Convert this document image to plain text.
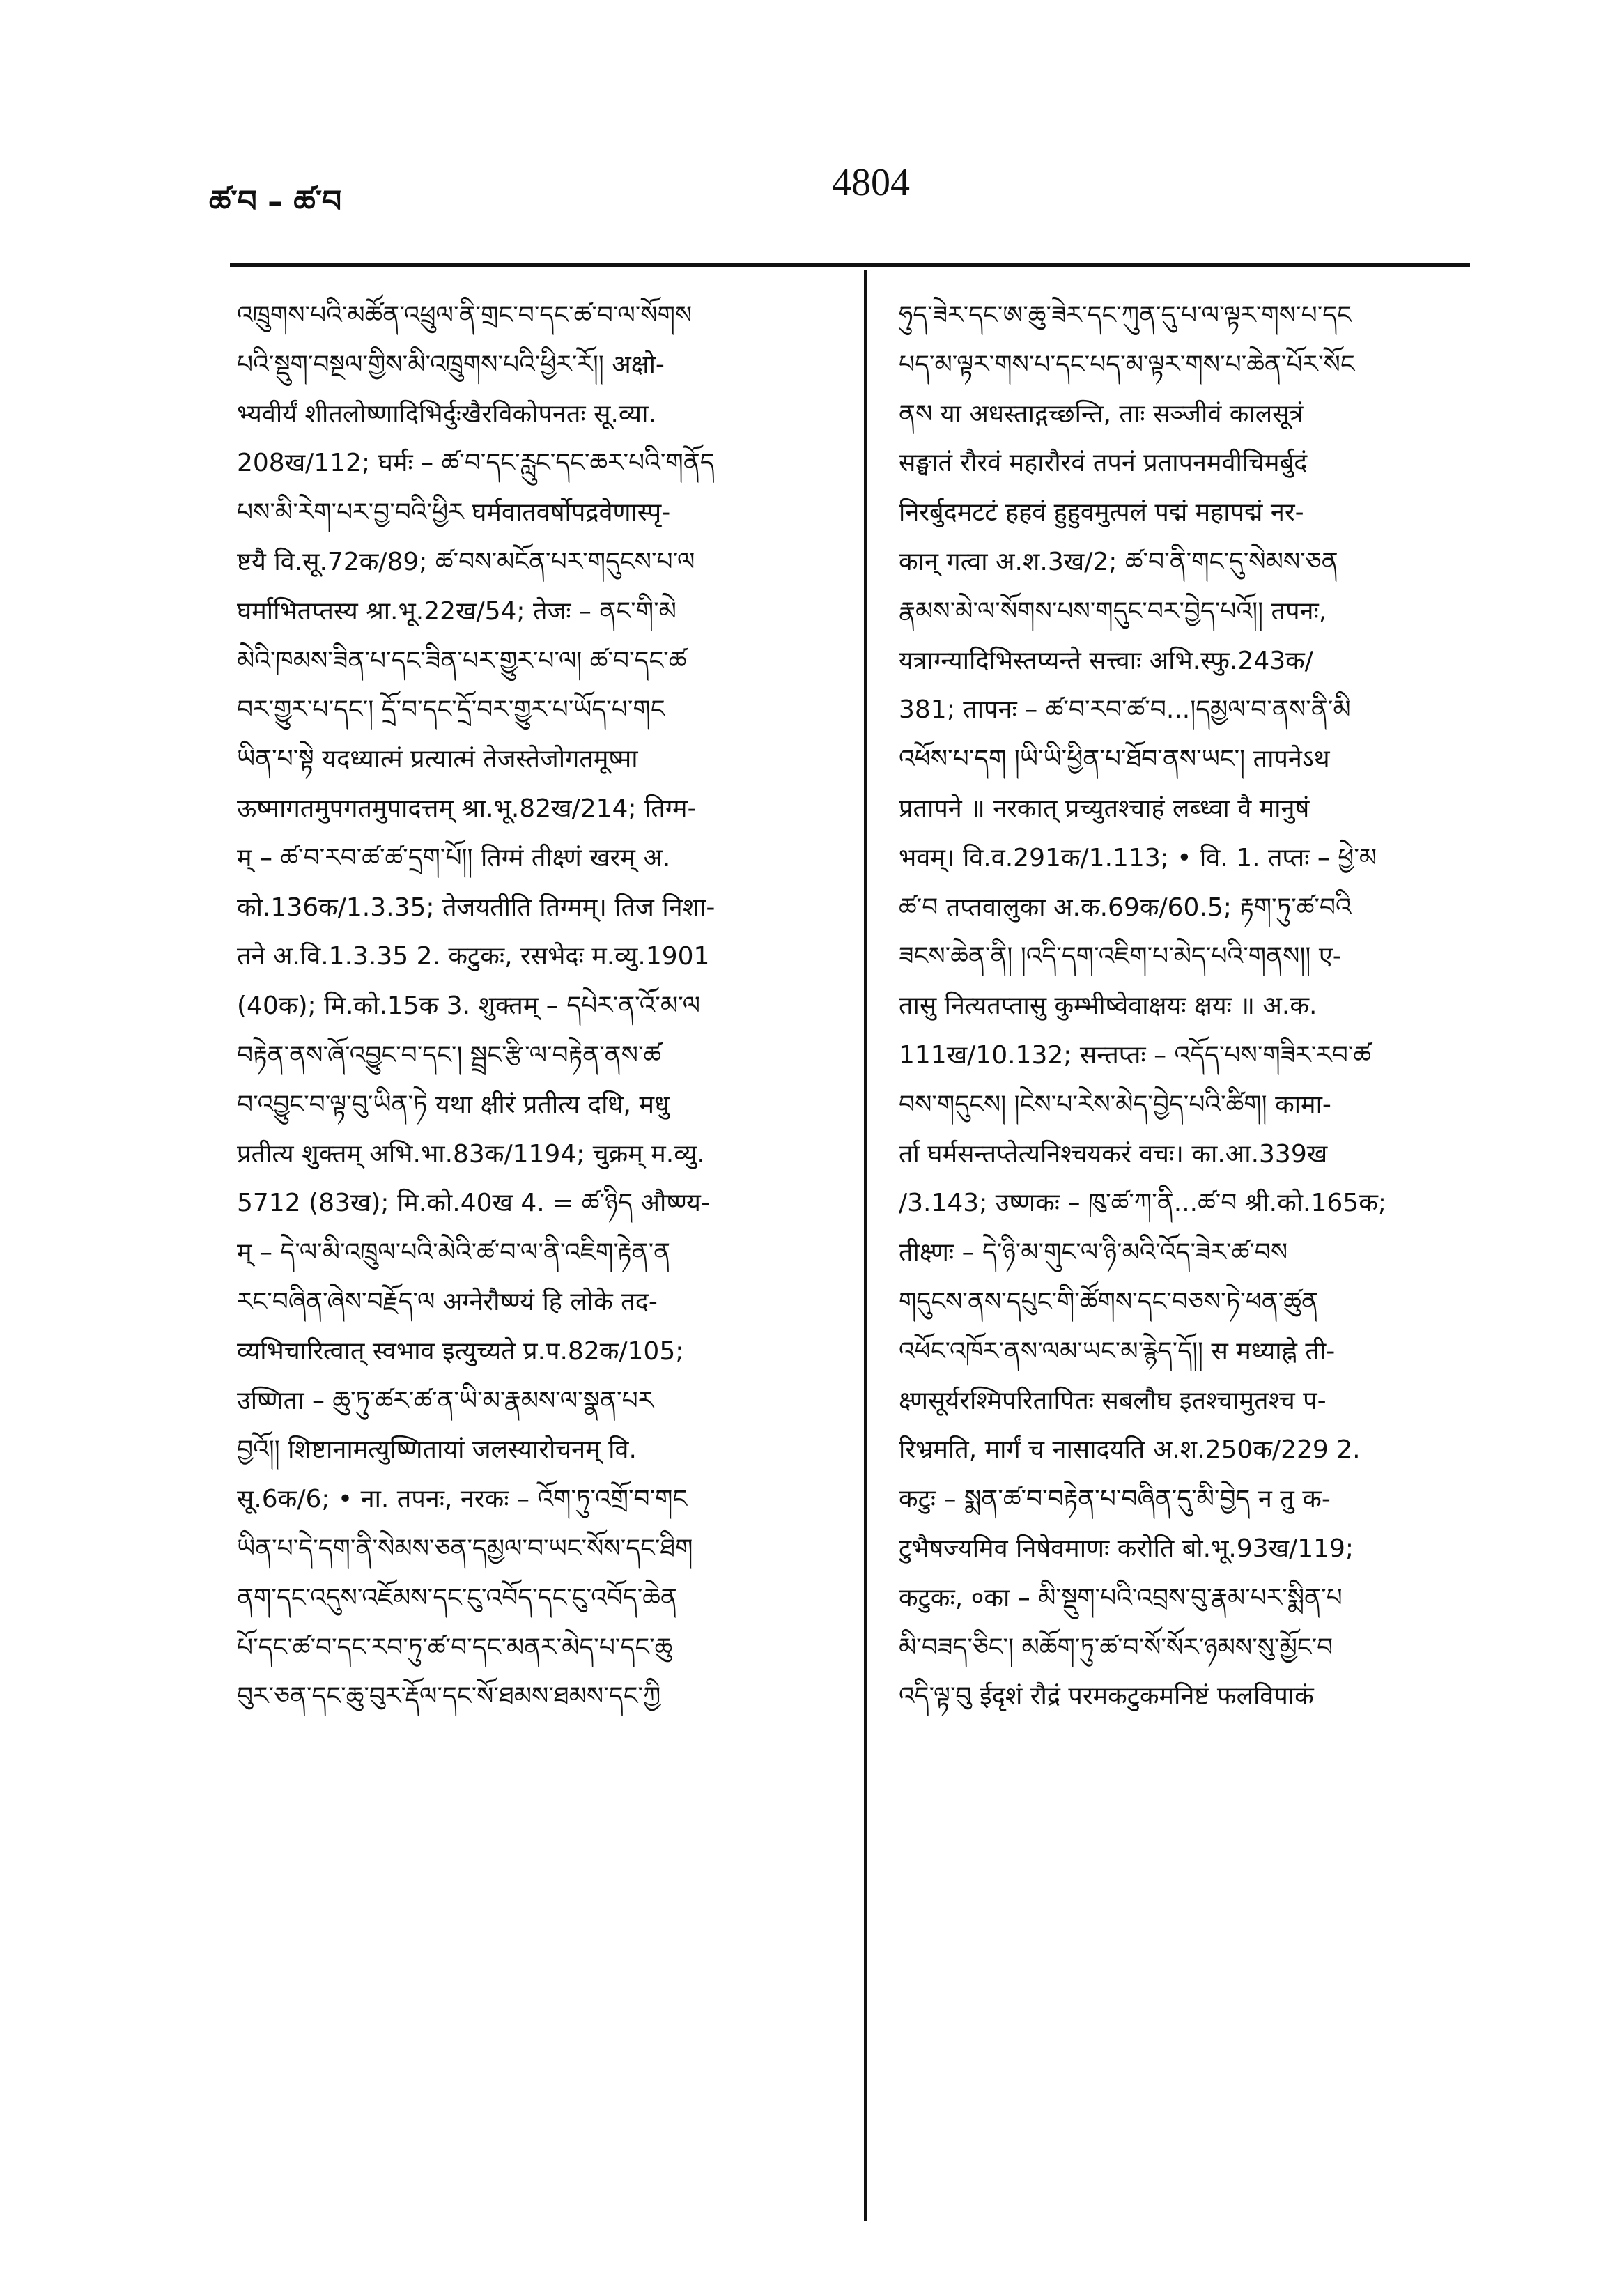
ཚ་བ – ཚ་བ	4804
འཁྲུགས་པའི་མཚོན་འཕྲུལ་ནི་གྲང་བ་དང་ཚ་བ་ལ་སོགས
པའི་སྡུག་བསྔལ་གྱིས་མི་འཁྲུགས་པའི་ཕྱིར་རོ།། अक्षो-
भ्यवीर्यं शीतलोष्णादिभिर्दुःखैरविकोपनतः सू.व्या.
208ख/112; घर्मः – ཚ་བ་དང་རླུང་དང་ཆར་པའི་གནོད
པས་མི་རེག་པར་བྱ་བའི་ཕྱིར घर्मवातवर्षोपद्रवेणास्पृ-
ष्टयै वि.सू.72क/89; ཚ་བས་མངོན་པར་གདུངས་པ་ལ
घर्माभितप्तस्य श्रा.भू.22ख/54; तेजः – ནང་གི་མེ
མེའི་ཁམས་ཟིན་པ་དང་ཟིན་པར་གྱུར་པ་ལ། ཚ་བ་དང་ཚ
བར་གྱུར་པ་དང་། དྲོ་བ་དང་དྲོ་བར་གྱུར་པ་ཡོད་པ་གང
ཡིན་པ་སྟེ यदध्यात्मं प्रत्यात्मं तेजस्तेजोगतमूष्मा
ऊष्मागतमुपगतमुपादत्तम् श्रा.भू.82ख/214; तिग्म-
म् – ཚ་བ་རབ་ཚ་ཚ་དྲག་པོ།། तिग्मं तीक्ष्णं खरम् अ.
को.136क/1.3.35; तेजयतीति तिग्मम्। तिज निशा-
तने अ.वि.1.3.35 2. कटुकः, रसभेदः म.व्यु.1901
(40क); मि.को.15क 3. शुक्तम् – དཔེར་ན་འོ་མ་ལ
བརྟེན་ནས་ཞོ་འབྱུང་བ་དང་། སྦྲང་རྩི་ལ་བརྟེན་ནས་ཚ
བ་འབྱུང་བ་ལྟ་བུ་ཡིན་ཏེ यथा क्षीरं प्रतीत्य दधि, मधु
प्रतीत्य शुक्तम् अभि.भा.83क/1194; चुक्रम् म.व्यु.
5712 (83ख); मि.को.40ख 4. = ཚ་ཉིད औष्ण्य-
म् – དེ་ལ་མི་འཁྲུལ་པའི་མེའི་ཚ་བ་ལ་ནི་འཇིག་རྟེན་ན
རང་བཞིན་ཞེས་བརྗོད་ལ अग्नेरौष्ण्यं हि लोके तद-
व्यभिचारित्वात् स्वभाव इत्युच्यते प्र.प.82क/105;
उष्णिता – ཆུ་ཏུ་ཚར་ཚ་ན་ཡི་མ་རྣམས་ལ་སྣན་པར
བྱའོ།། शिष्टानामत्युष्णितायां जलस्यारोचनम् वि.
सू.6क/6; • ना. तपनः, नरकः – འོག་ཏུ་འགྲོ་བ་གང
ཡིན་པ་དེ་དག་ནི་སེམས་ཅན་དམྱལ་བ་ཡང་སོས་དང་ཐིག
ནག་དང་འདུས་འཇོམས་དང་ངུ་འབོད་དང་ངུ་འབོད་ཆེན
པོ་དང་ཚ་བ་དང་རབ་ཏུ་ཚ་བ་དང་མནར་མེད་པ་དང་ཆུ
བུར་ཅན་དང་ཆུ་བུར་རྡོལ་དང་སོ་ཐམས་ཐམས་དང་ཀྱི
ཧུད་ཟེར་དང་ཨ་ཆུ་ཟེར་དང་ཀུན་དུ་པ་ལ་ལྟར་གས་པ་དང
པད་མ་ལྟར་གས་པ་དང་པད་མ་ལྟར་གས་པ་ཆེན་པོར་སོང
ནས या अधस्ताद्गच्छन्ति, ताः सञ्जीवं कालसूत्रं
सङ्घातं रौरवं महारौरवं तपनं प्रतापनमवीचिमर्बुदं
निरर्बुदमटटं हहवं हुहुवमुत्पलं पद्मं महापद्मं नर-
कान् गत्वा अ.श.3ख/2; ཚ་བ་ནི་གང་དུ་སེམས་ཅན
རྣམས་མེ་ལ་སོགས་པས་གདུང་བར་བྱེད་པའོ།། तपनः,
यत्राग्न्यादिभिस्तप्यन्ते सत्त्वाः अभि.स्फु.243क/
381; तापनः – ཚ་བ་རབ་ཚ་བ...།དམྱལ་བ་ནས་ནི་མི
འཕོས་པ་དག །ཡི་ཡི་ཕྱིན་པ་ཐོབ་ནས་ཡང་། तापनेऽथ
प्रतापने ॥ नरकात् प्रच्युतश्चाहं लब्ध्वा वै मानुषं
भवम्। वि.व.291क/1.113; • वि. 1. तप्तः – ཕྱེ་མ
ཚ་བ तप्तवालुका अ.क.69क/60.5; རྟག་ཏུ་ཚ་བའི
ཟངས་ཆེན་ནི། །འདི་དག་འཇིག་པ་མེད་པའི་གནས།། ए-
तासु नित्यतप्तासु कुम्भीष्वेवाक्षयः क्षयः ॥ अ.क.
111ख/10.132; सन्तप्तः – འདོད་པས་གཟིར་རབ་ཚ
བས་གདུངས། །ངེས་པ་རེས་མེད་བྱེད་པའི་ཚིག། कामा-
र्ता घर्मसन्तप्तेत्यनिश्चयकरं वचः। का.आ.339ख
/3.143; उष्णकः – ཁུ་ཚ་ཀ་ནི...ཚ་བ श्री.को.165क;
तीक्ष्णः – དེ་ཉི་མ་གུང་ལ་ཉི་མའི་འོད་ཟེར་ཚ་བས
གདུངས་ནས་དཔུང་གི་ཚོགས་དང་བཅས་ཏེ་ཕན་ཚུན
འཕོང་འཁོར་ནས་ལམ་ཡང་མ་རྙེད་དོ།། स मध्याह्ने ती-
क्ष्णसूर्यरश्मिपरितापितः सबलौघ इतश्चामुतश्च प-
रिभ्रमति, मार्गं च नासादयति अ.श.250क/229 2.
कटुः – སྨན་ཚ་བ་བརྟེན་པ་བཞིན་དུ་མི་བྱེད न तु क-
टुभैषज्यमिव निषेवमाणः करोति बो.भू.93ख/119;
कटुकः, ०का – མི་སྡུག་པའི་འབྲས་བུ་རྣམ་པར་སྨིན་པ
མི་བཟད་ཅིང་། མཆོག་ཏུ་ཚ་བ་སོ་སོར་ཉམས་སུ་མྱོང་བ
འདི་ལྟ་བུ ईदृशं रौद्रं परमकटुकमनिष्टं फलविपाकं
